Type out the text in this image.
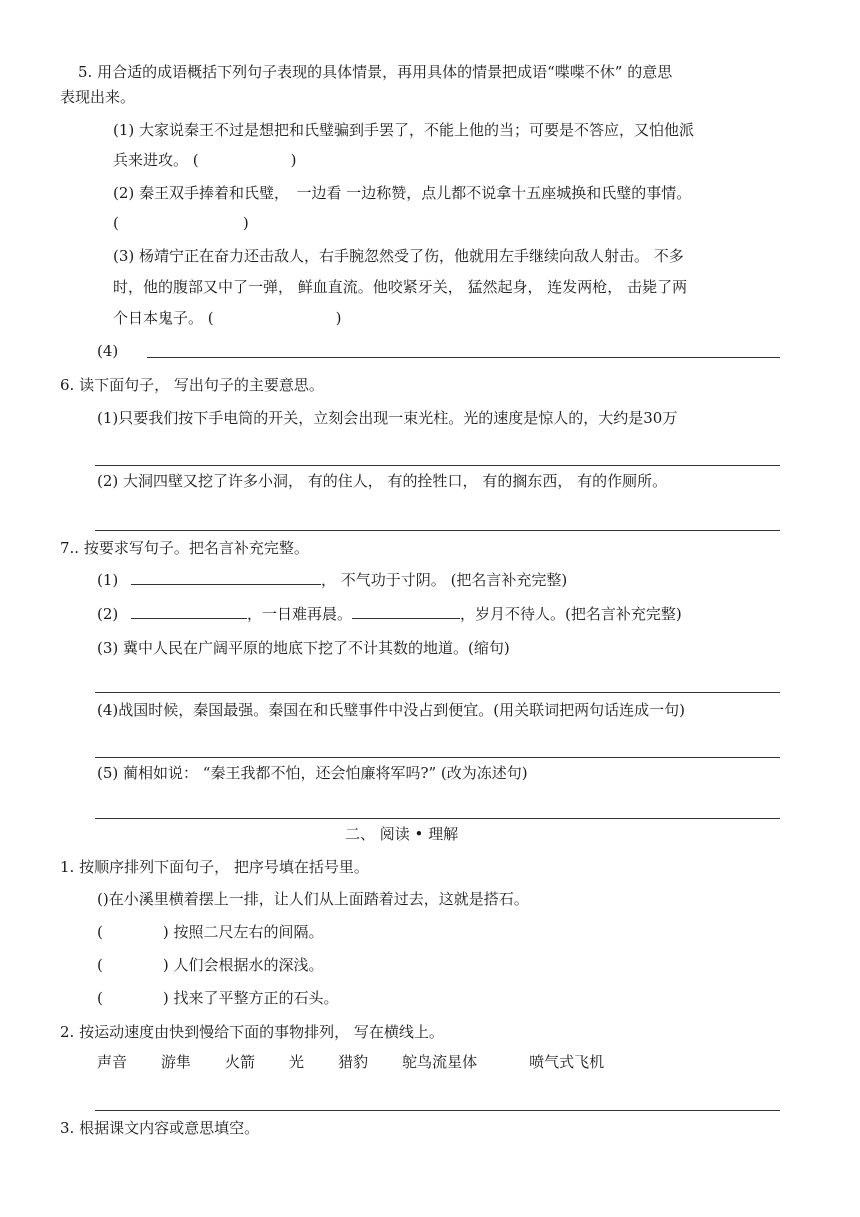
5. 用合适的成语概括下列句子表现的具体情景，再用具体的情景把成语“喋喋不休” 的意思
表现出来。
(1) 大家说秦王不过是想把和氏璧骗到手罢了，不能上他的当；可要是不答应，又怕他派
兵来进攻。 (	)
(2) 秦王双手捧着和氏璧，　一边看 一边称赞，点儿都不说拿十五座城换和氏璧的事情。
(	)
(3) 杨靖宁正在奋力还击敌人，右手腕忽然受了伤，他就用左手继续向敌人射击。 不多
时，他的腹部又中了一弹， 鲜血直流。他咬紧牙关， 猛然起身， 连发两枪， 击毙了两
个日本鬼子。 (	)
(4)
6. 读下面句子， 写出句子的主要意思。
(1)只要我们按下手电筒的开关，立刻会出现一束光柱。光的速度是惊人的，大约是30万
(2) 大洞四壁又挖了许多小洞， 有的住人， 有的拴牲口， 有的搁东西， 有的作厕所。
7.. 按要求写句子。把名言补充完整。
(1)	， 不气功于寸阴。 (把名言补充完整)
(2)	，一日难再晨。	，岁月不待人。(把名言补充完整)
(3) 冀中人民在广阔平原的地底下挖了不计其数的地道。(缩句)
(4)战国时候，秦国最强。秦国在和氏璧事件中没占到便宜。(用关联词把两句话连成一句)
(5) 蔺相如说： “秦王我都不怕，还会怕廉将军吗?” (改为冻述句)
二、 阅读 • 理解
1. 按顺序排列下面句子， 把序号填在括号里。
()在小溪里横着摆上一排，让人们从上面踏着过去，这就是搭石。
(　　　　) 按照二尺左右的间隔。
(　　　　) 人们会根据水的深浅。
(　　　　) 找来了平整方正的石头。
2. 按运动速度由快到慢给下面的事物排列， 写在横线上。
声音 游隼 火箭 光 猎豹 鸵鸟流星体	喷气式飞机
3. 根据课文内容或意思填空。
